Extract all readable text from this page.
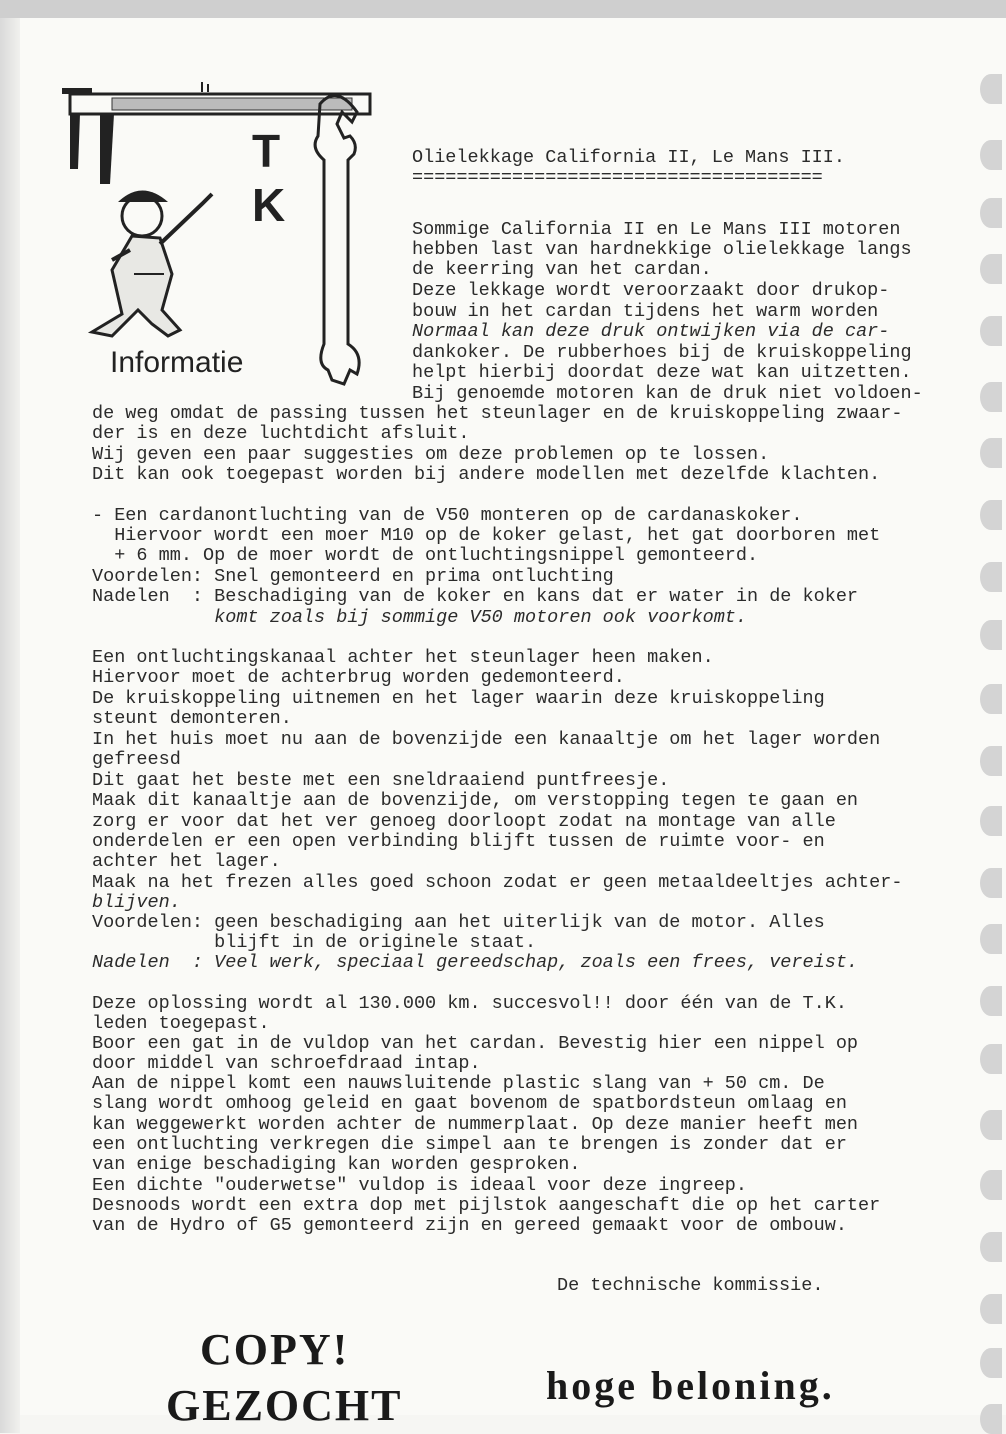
T K
Informatie
Olielekkage California II, Le Mans III.
=====================================
Sommige California II en Le Mans III motoren
hebben last van hardnekkige olielekkage langs
de keerring van het cardan.
Deze lekkage wordt veroorzaakt door drukop-
bouw in het cardan tijdens het warm worden
Normaal kan deze druk ontwijken via de car-
dankoker. De rubberhoes bij de kruiskoppeling
helpt hierbij doordat deze wat kan uitzetten.
Bij genoemde motoren kan de druk niet voldoen-
de weg omdat de passing tussen het steunlager en de kruiskoppeling zwaar-
der is en deze luchtdicht afsluit.
Wij geven een paar suggesties om deze problemen op te lossen.
Dit kan ook toegepast worden bij andere modellen met dezelfde klachten.
- Een cardanontluchting van de V50 monteren op de cardanaskoker.
Hiervoor wordt een moer M10 op de koker gelast, het gat doorboren met
+ 6 mm. Op de moer wordt de ontluchtingsnippel gemonteerd.
Voordelen: Snel gemonteerd en prima ontluchting
Nadelen  : Beschadiging van de koker en kans dat er water in de koker
komt zoals bij sommige V50 motoren ook voorkomt.
Een ontluchtingskanaal achter het steunlager heen maken.
Hiervoor moet de achterbrug worden gedemonteerd.
De kruiskoppeling uitnemen en het lager waarin deze kruiskoppeling
steunt demonteren.
In het huis moet nu aan de bovenzijde een kanaaltje om het lager worden
gefreesd
Dit gaat het beste met een sneldraaiend puntfreesje.
Maak dit kanaaltje aan de bovenzijde, om verstopping tegen te gaan en
zorg er voor dat het ver genoeg doorloopt zodat na montage van alle
onderdelen er een open verbinding blijft tussen de ruimte voor- en
achter het lager.
Maak na het frezen alles goed schoon zodat er geen metaaldeeltjes achter-
blijven.
Voordelen: geen beschadiging aan het uiterlijk van de motor. Alles
blijft in de originele staat.
Nadelen  : Veel werk, speciaal gereedschap, zoals een frees, vereist.
Deze oplossing wordt al 130.000 km. succesvol!! door één van de T.K.
leden toegepast.
Boor een gat in de vuldop van het cardan. Bevestig hier een nippel op
door middel van schroefdraad intap.
Aan de nippel komt een nauwsluitende plastic slang van + 50 cm. De
slang wordt omhoog geleid en gaat bovenom de spatbordsteun omlaag en
kan weggewerkt worden achter de nummerplaat. Op deze manier heeft men
een ontluchting verkregen die simpel aan te brengen is zonder dat er
van enige beschadiging kan worden gesproken.
Een dichte "ouderwetse" vuldop is ideaal voor deze ingreep.
Desnoods wordt een extra dop met pijlstok aangeschaft die op het carter
van de Hydro of G5 gemonteerd zijn en gereed gemaakt voor de ombouw.
De technische kommissie.
COPY!
GEZOCHT	hoge beloning.
